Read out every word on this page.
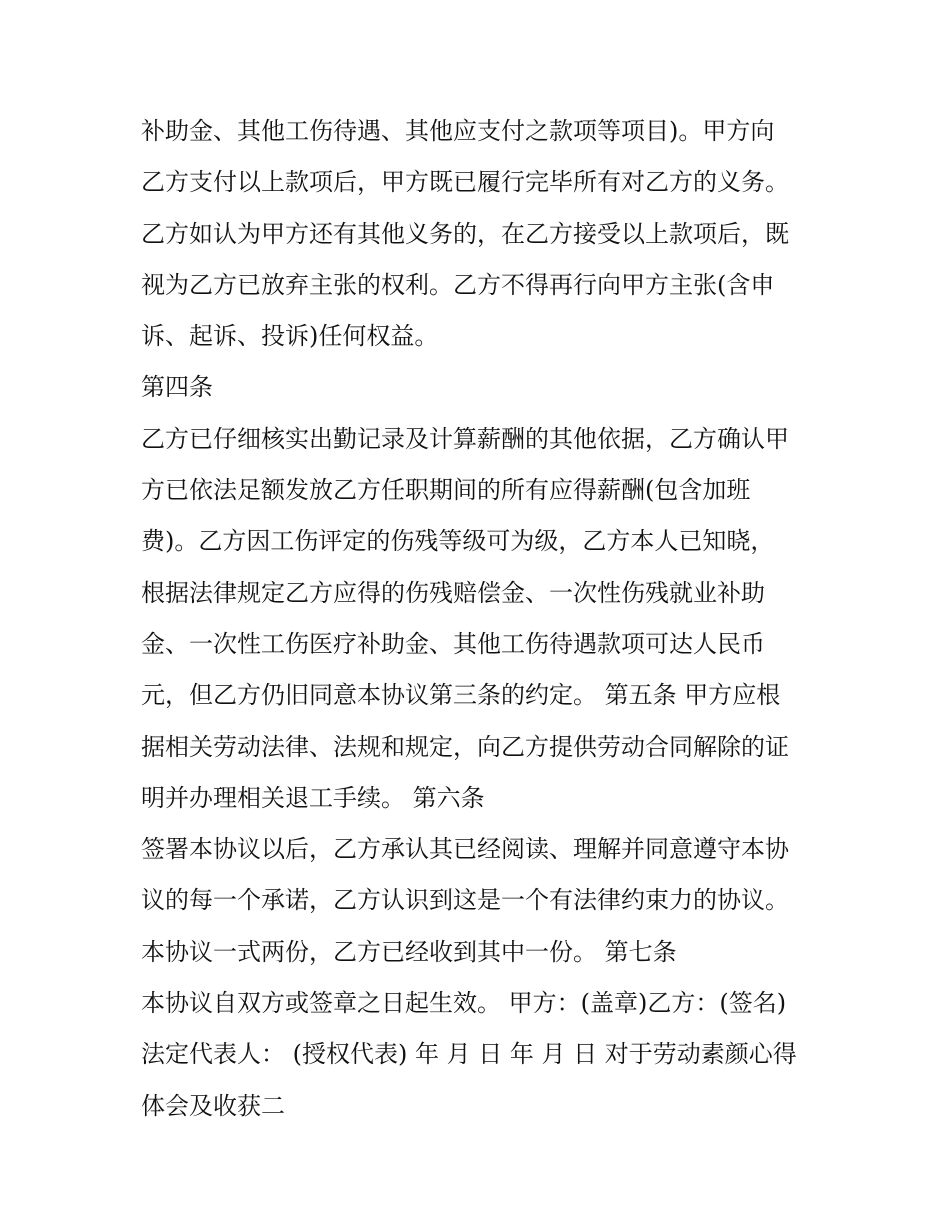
补助金、其他工伤待遇、其他应支付之款项等项目)。甲方向
乙方支付以上款项后，甲方既已履行完毕所有对乙方的义务。
乙方如认为甲方还有其他义务的，在乙方接受以上款项后，既
视为乙方已放弃主张的权利。乙方不得再行向甲方主张(含申
诉、起诉、投诉)任何权益。
第四条
乙方已仔细核实出勤记录及计算薪酬的其他依据，乙方确认甲
方已依法足额发放乙方任职期间的所有应得薪酬(包含加班
费)。乙方因工伤评定的伤残等级可为级，乙方本人已知晓，
根据法律规定乙方应得的伤残赔偿金、一次性伤残就业补助
金、一次性工伤医疗补助金、其他工伤待遇款项可达人民币
元，但乙方仍旧同意本协议第三条的约定。 第五条 甲方应根
据相关劳动法律、法规和规定，向乙方提供劳动合同解除的证
明并办理相关退工手续。 第六条
签署本协议以后，乙方承认其已经阅读、理解并同意遵守本协
议的每一个承诺，乙方认识到这是一个有法律约束力的协议。
本协议一式两份，乙方已经收到其中一份。 第七条
本协议自双方或签章之日起生效。 甲方：(盖章)乙方：(签名)
法定代表人： (授权代表) 年 月 日 年 月 日 对于劳动素颜心得
体会及收获二
